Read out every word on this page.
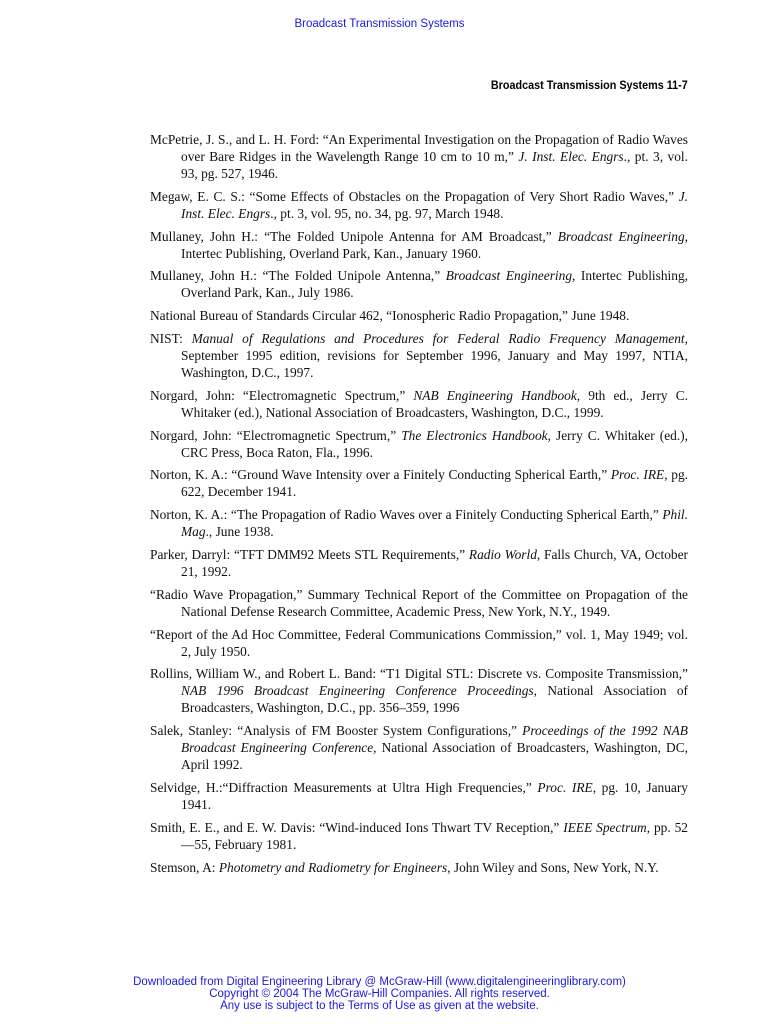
Broadcast Transmission Systems
Broadcast Transmission Systems 11-7

McPetrie, J. S., and L. H. Ford: “An Experimental Investigation on the Propagation of Radio Waves over Bare Ridges in the Wavelength Range 10 cm to 10 m,” J. Inst. Elec. Engrs., pt. 3, vol. 93, pg. 527, 1946.

Megaw, E. C. S.: “Some Effects of Obstacles on the Propagation of Very Short Radio Waves,” J. Inst. Elec. Engrs., pt. 3, vol. 95, no. 34, pg. 97, March 1948.

Mullaney, John H.: “The Folded Unipole Antenna for AM Broadcast,” Broadcast Engineering, Intertec Publishing, Overland Park, Kan., January 1960.

Mullaney, John H.: “The Folded Unipole Antenna,” Broadcast Engineering, Intertec Publishing, Overland Park, Kan., July 1986.

National Bureau of Standards Circular 462, “Ionospheric Radio Propagation,” June 1948.

NIST: Manual of Regulations and Procedures for Federal Radio Frequency Management, September 1995 edition, revisions for September 1996, January and May 1997, NTIA, Washington, D.C., 1997.

Norgard, John: “Electromagnetic Spectrum,” NAB Engineering Handbook, 9th ed., Jerry C. Whitaker (ed.), National Association of Broadcasters, Washington, D.C., 1999.

Norgard, John: “Electromagnetic Spectrum,” The Electronics Handbook, Jerry C. Whitaker (ed.), CRC Press, Boca Raton, Fla., 1996.

Norton, K. A.: “Ground Wave Intensity over a Finitely Conducting Spherical Earth,” Proc. IRE, pg. 622, December 1941.

Norton, K. A.: “The Propagation of Radio Waves over a Finitely Conducting Spherical Earth,” Phil. Mag., June 1938.

Parker, Darryl: “TFT DMM92 Meets STL Requirements,” Radio World, Falls Church, VA, October 21, 1992.

“Radio Wave Propagation,” Summary Technical Report of the Committee on Propagation of the National Defense Research Committee, Academic Press, New York, N.Y., 1949.

“Report of the Ad Hoc Committee, Federal Communications Commission,” vol. 1, May 1949; vol. 2, July 1950.

Rollins, William W., and Robert L. Band: “T1 Digital STL: Discrete vs. Composite Transmission,” NAB 1996 Broadcast Engineering Conference Proceedings, National Association of Broadcasters, Washington, D.C., pp. 356–359, 1996

Salek, Stanley: “Analysis of FM Booster System Configurations,” Proceedings of the 1992 NAB Broadcast Engineering Conference, National Association of Broadcasters, Washington, DC, April 1992.

Selvidge, H.:“Diffraction Measurements at Ultra High Frequencies,” Proc. IRE, pg. 10, January 1941.

Smith, E. E., and E. W. Davis: “Wind-induced Ions Thwart TV Reception,” IEEE Spectrum, pp. 52—55, February 1981.

Stemson, A: Photometry and Radiometry for Engineers, John Wiley and Sons, New York, N.Y.

Downloaded from Digital Engineering Library @ McGraw-Hill (www.digitalengineeringlibrary.com)
Copyright © 2004 The McGraw-Hill Companies. All rights reserved.
Any use is subject to the Terms of Use as given at the website.
